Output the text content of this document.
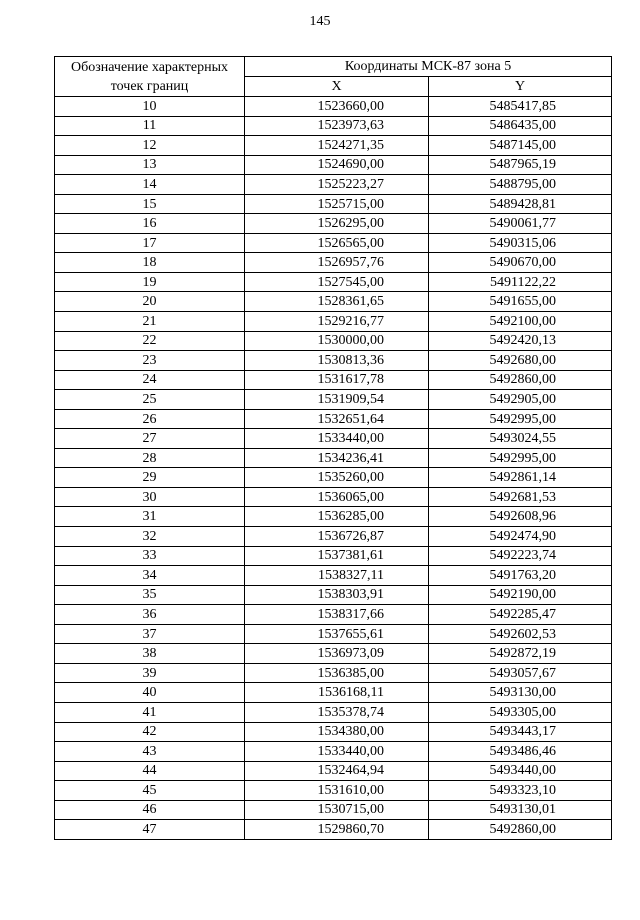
145
Обозначение характерных точек границ	Координаты МСК-87 зона 5	
	X	Y
10	1523660,00	5485417,85
11	1523973,63	5486435,00
12	1524271,35	5487145,00
13	1524690,00	5487965,19
14	1525223,27	5488795,00
15	1525715,00	5489428,81
16	1526295,00	5490061,77
17	1526565,00	5490315,06
18	1526957,76	5490670,00
19	1527545,00	5491122,22
20	1528361,65	5491655,00
21	1529216,77	5492100,00
22	1530000,00	5492420,13
23	1530813,36	5492680,00
24	1531617,78	5492860,00
25	1531909,54	5492905,00
26	1532651,64	5492995,00
27	1533440,00	5493024,55
28	1534236,41	5492995,00
29	1535260,00	5492861,14
30	1536065,00	5492681,53
31	1536285,00	5492608,96
32	1536726,87	5492474,90
33	1537381,61	5492223,74
34	1538327,11	5491763,20
35	1538303,91	5492190,00
36	1538317,66	5492285,47
37	1537655,61	5492602,53
38	1536973,09	5492872,19
39	1536385,00	5493057,67
40	1536168,11	5493130,00
41	1535378,74	5493305,00
42	1534380,00	5493443,17
43	1533440,00	5493486,46
44	1532464,94	5493440,00
45	1531610,00	5493323,10
46	1530715,00	5493130,01
47	1529860,70	5492860,00
